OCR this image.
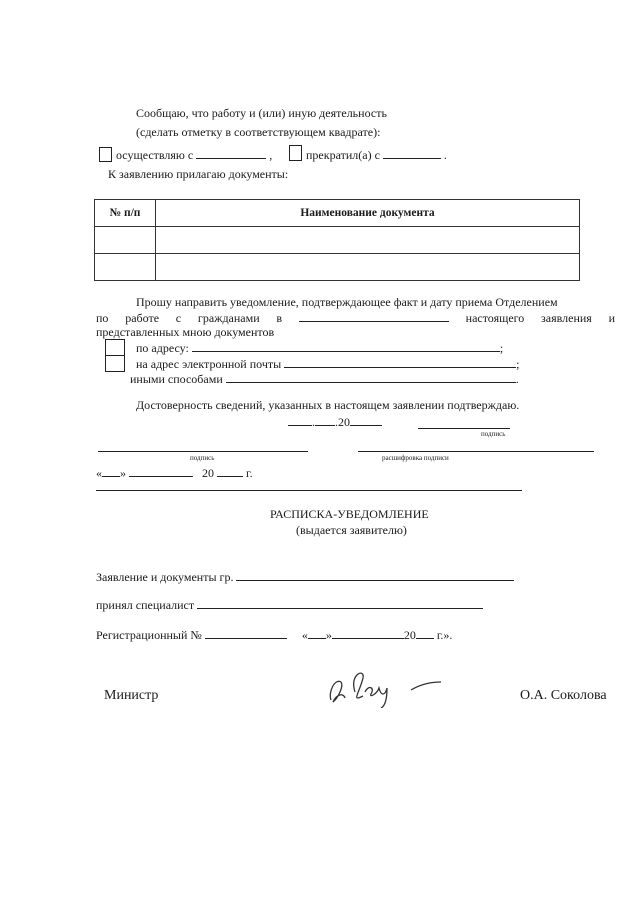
Сообщаю, что работу и (или) иную деятельность
(сделать отметку в соответствующем квадрате):
осуществляю с	,	прекратил(а) с	.
К заявлению прилагаю документы:
№ п/п	Наименование документа

Прошу направить уведомление, подтверждающее факт и дату приема Отделением
по работе с гражданами в	настоящего заявления и
представленных мною документов
по адресу:	;
на адрес электронной почты	;
иными способами	.
Достоверность сведений, указанных в настоящем заявлении подтверждаю.
. .20
подпись
подпись	расшифровка подписи
« »	20	г.
РАСПИСКА-УВЕДОМЛЕНИЕ
(выдается заявителю)
Заявление и документы гр.
принял специалист
Регистрационный №	« »	20 г.».
Министр	О.А. Соколова
